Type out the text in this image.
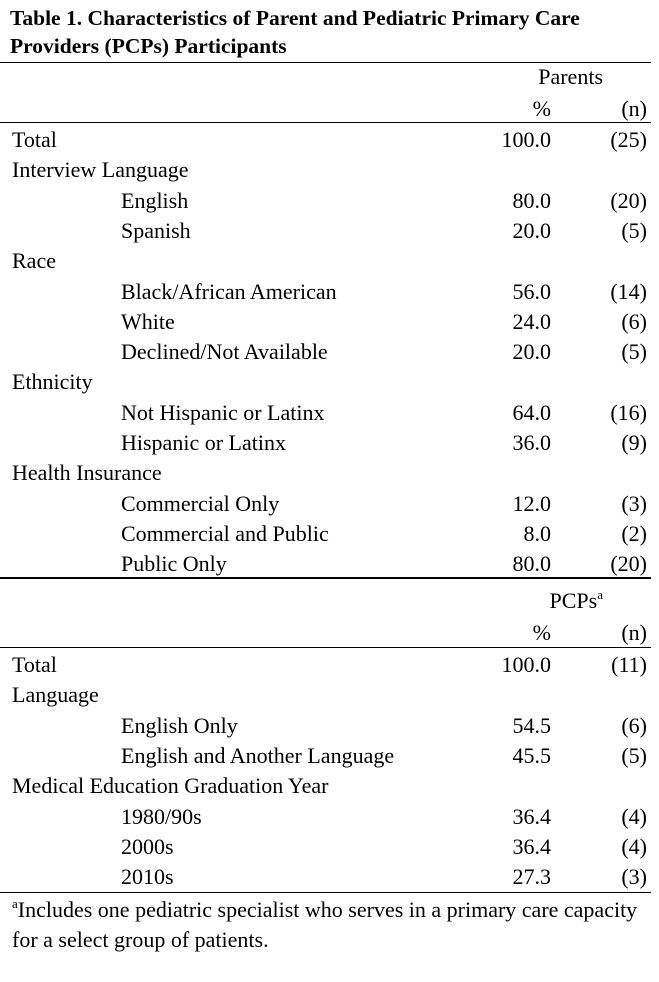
Table 1. Characteristics of Parent and Pediatric Primary Care Providers (PCPs) Participants
Parents
%	(n)
Total	100.0	(25)
Interview Language
English	80.0	(20)
Spanish	20.0	(5)
Race
Black/African American	56.0	(14)
White	24.0	(6)
Declined/Not Available	20.0	(5)
Ethnicity
Not Hispanic or Latinx	64.0	(16)
Hispanic or Latinx	36.0	(9)
Health Insurance
Commercial Only	12.0	(3)
Commercial and Public	8.0	(2)
Public Only	80.0	(20)
PCPs$^a$
%	(n)
Total	100.0	(11)
Language
English Only	54.5	(6)
English and Another Language	45.5	(5)
Medical Education Graduation Year
1980/90s	36.4	(4)
2000s	36.4	(4)
2010s	27.3	(3)
$^a$Includes one pediatric specialist who serves in a primary care capacity for a select group of patients.
